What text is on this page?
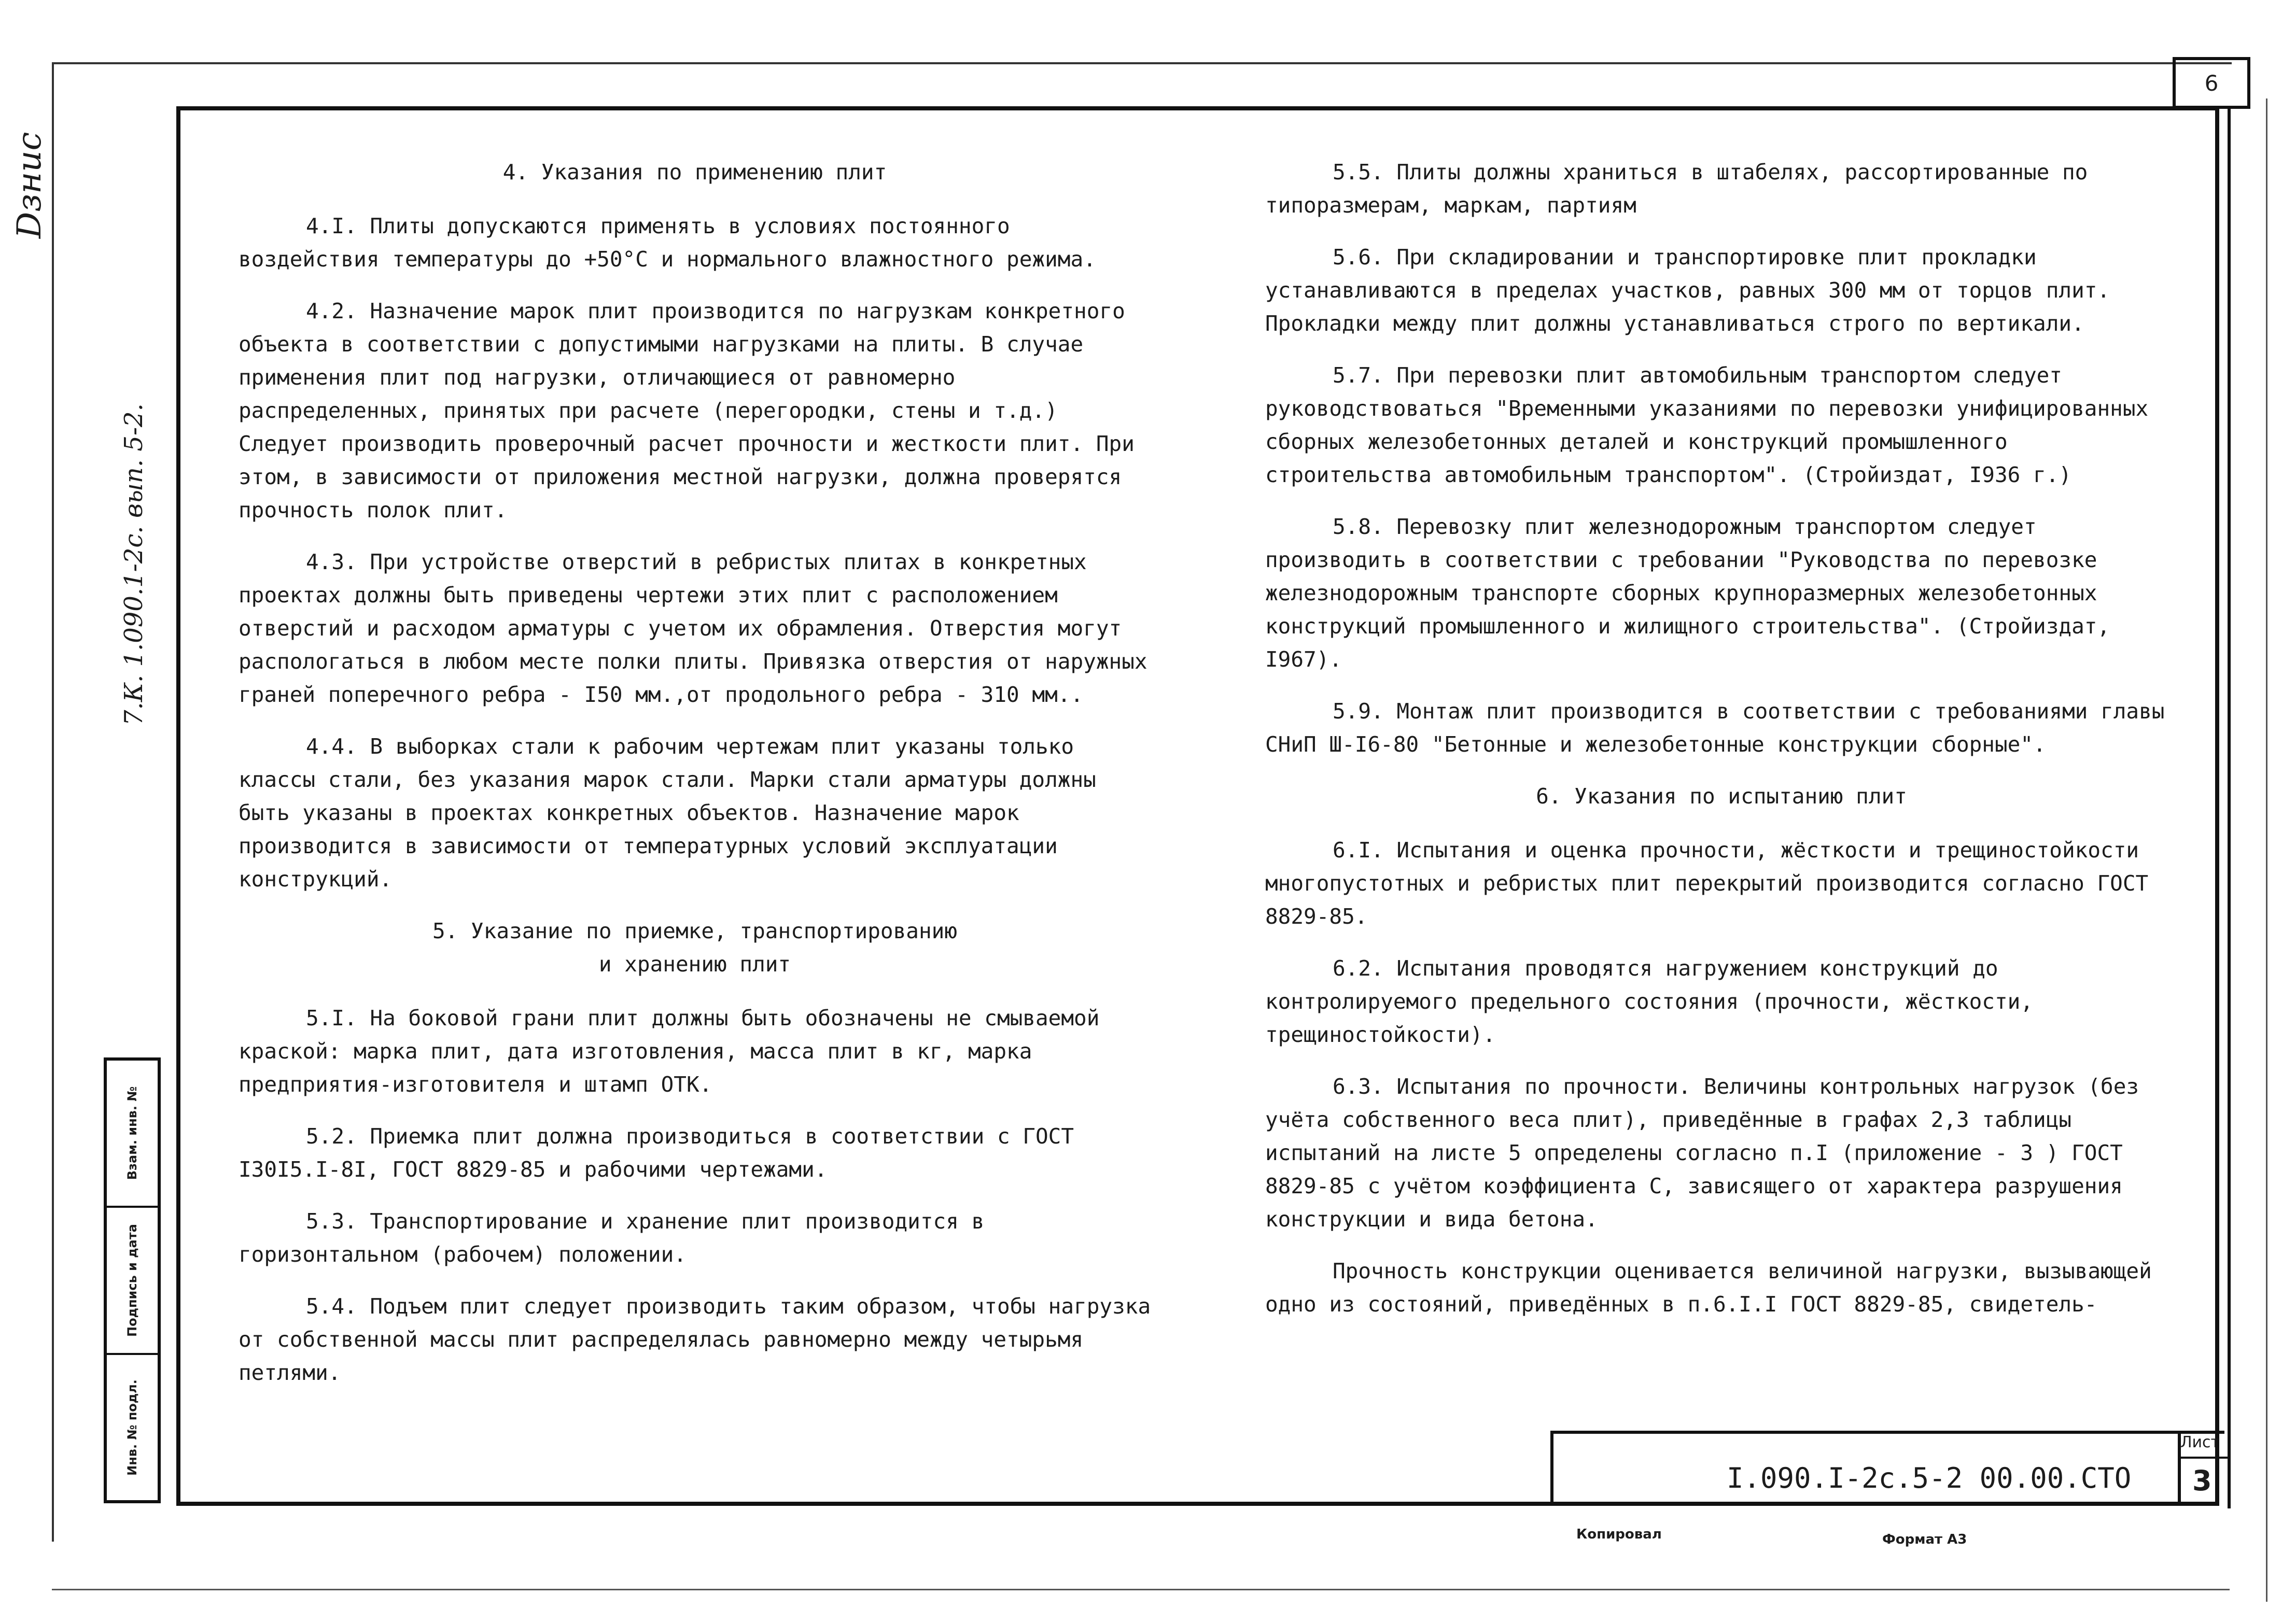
6
Dзнис
7.К. 1.090.1-2с. вып. 5-2.
Взам. инв. №
Подпись и дата
Инв. № подл.
4. Указания по применению плит
4.I. Плиты допускаются применять в условиях постоянного воздействия температуры до +50°С и нормального влажностного режима.
4.2. Назначение марок плит производится по нагрузкам конкретного объекта в соответствии с допустимыми нагрузками на плиты. В случае применения плит под нагрузки, отличающиеся от равномерно распределенных, принятых при расчете (перегородки, стены и т.д.) Следует производить проверочный расчет прочности и жесткости плит. При этом, в зависимости от приложения местной нагрузки, должна проверятся прочность полок плит.
4.3. При устройстве отверстий в ребристых плитах в конкретных проектах должны быть приведены чертежи этих плит с расположением отверстий и расходом арматуры с учетом их обрамления. Отверстия могут распологаться в любом месте полки плиты. Привязка отверстия от наружных граней поперечного ребра - I50 мм.,от продольного ребра - 310 мм..
4.4. В выборках стали к рабочим чертежам плит указаны только классы стали, без указания марок стали. Марки стали арматуры должны быть указаны в проектах конкретных объектов. Назначение марок производится в зависимости от температурных условий эксплуатации конструкций.
5. Указание по приемке, транспортированию
и хранению плит
5.I. На боковой грани плит должны быть обозначены не смываемой краской: марка плит, дата изготовления, масса плит в кг, марка предприятия-изготовителя и штамп ОТК.
5.2. Приемка плит должна производиться в соответствии с ГОСТ I30I5.I-8I, ГОСТ 8829-85 и рабочими чертежами.
5.3. Транспортирование и хранение плит производится в горизонтальном (рабочем) положении.
5.4. Подъем плит следует производить таким образом, чтобы нагрузка от собственной массы плит распределялась равномерно между четырьмя петлями.
5.5. Плиты должны храниться в штабелях, рассортированные по типоразмерам, маркам, партиям
5.6. При складировании и транспортировке плит прокладки устанавливаются в пределах участков, равных 300 мм от торцов плит. Прокладки между плит должны устанавливаться строго по вертикали.
5.7. При перевозки плит автомобильным транспортом следует руководствоваться "Временными указаниями по перевозки унифицированных сборных железобетонных деталей и конструкций промышленного строительства автомобильным транспортом". (Стройиздат, I936 г.)
5.8. Перевозку плит железнодорожным транспортом следует производить в соответствии с требовании "Руководства по перевозке железнодорожным транспорте сборных крупноразмерных железобетонных конструкций промышленного и жилищного строительства". (Стройиздат, I967).
5.9. Монтаж плит производится в соответствии с требованиями главы СНиП Ш-I6-80 "Бетонные и железобетонные конструкции сборные".
6. Указания по испытанию плит
6.I. Испытания и оценка прочности, жёсткости и трещиностойкости многопустотных и ребристых плит перекрытий производится согласно ГОСТ 8829-85.
6.2. Испытания проводятся нагружением конструкций до контролируемого предельного состояния (прочности, жёсткости, трещиностойкости).
6.3. Испытания по прочности. Величины контрольных нагрузок (без учёта собственного веса плит), приведённые в графах 2,3 таблицы испытаний на листе 5 определены согласно п.I (приложение - 3 ) ГОСТ 8829-85 с учётом коэффициента С, зависящего от характера разрушения конструкции и вида бетона.
Прочность конструкции оценивается величиной нагрузки, вызывающей одно из состояний, приведённых в п.6.I.I ГОСТ 8829-85, свидетель-
I.090.I-2c.5-2 00.00.CTO
Лист
3
Копировал	Формат А3
